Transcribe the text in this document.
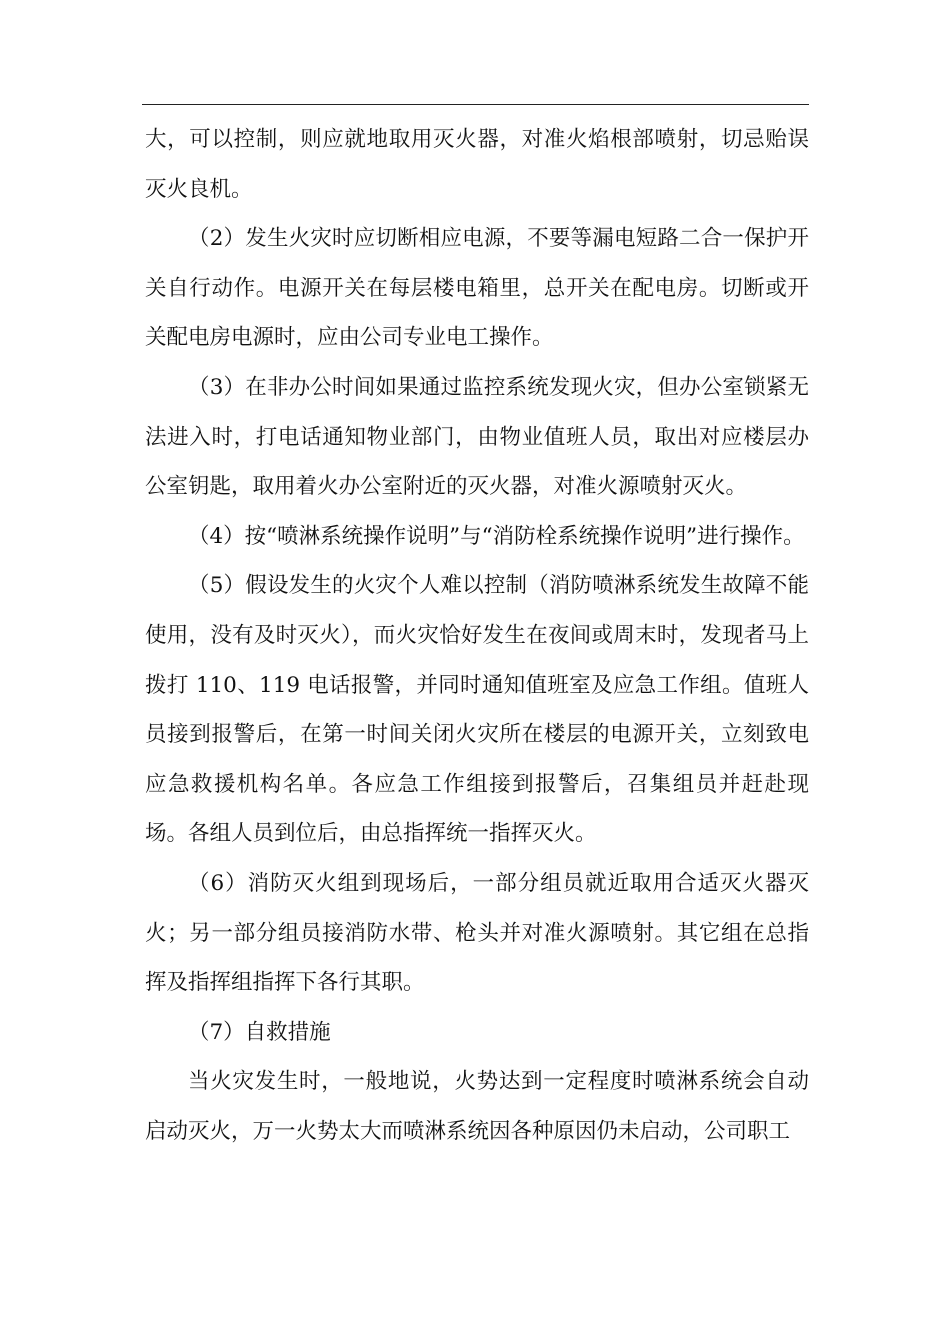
大，可以控制，则应就地取用灭火器，对准火焰根部喷射，切忌贻误灭火良机。

（2）发生火灾时应切断相应电源，不要等漏电短路二合一保护开关自行动作。电源开关在每层楼电箱里，总开关在配电房。切断或开关配电房电源时，应由公司专业电工操作。

（3）在非办公时间如果通过监控系统发现火灾，但办公室锁紧无法进入时，打电话通知物业部门，由物业值班人员，取出对应楼层办公室钥匙，取用着火办公室附近的灭火器，对准火源喷射灭火。

（4）按“喷淋系统操作说明”与“消防栓系统操作说明”进行操作。

（5）假设发生的火灾个人难以控制（消防喷淋系统发生故障不能使用，没有及时灭火），而火灾恰好发生在夜间或周末时，发现者马上拨打 110、119 电话报警，并同时通知值班室及应急工作组。值班人员接到报警后，在第一时间关闭火灾所在楼层的电源开关，立刻致电应急救援机构名单。各应急工作组接到报警后，召集组员并赶赴现场。各组人员到位后，由总指挥统一指挥灭火。

（6）消防灭火组到现场后，一部分组员就近取用合适灭火器灭火；另一部分组员接消防水带、枪头并对准火源喷射。其它组在总指挥及指挥组指挥下各行其职。

（7）自救措施

当火灾发生时，一般地说，火势达到一定程度时喷淋系统会自动启动灭火，万一火势太大而喷淋系统因各种原因仍未启动，公司职工
